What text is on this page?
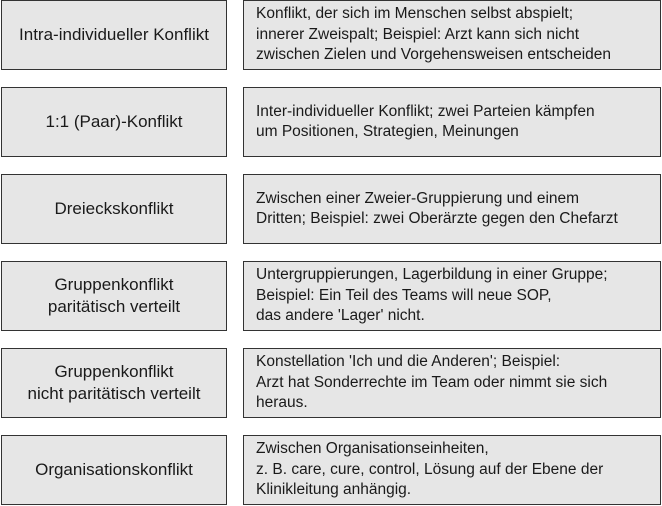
Intra-individueller Konflikt
Konflikt, der sich im Menschen selbst abspielt;
innerer Zweispalt; Beispiel: Arzt kann sich nicht
zwischen Zielen und Vorgehensweisen entscheiden
1:1 (Paar)-Konflikt
Inter-individueller Konflikt; zwei Parteien kämpfen
um Positionen, Strategien, Meinungen
Dreieckskonflikt
Zwischen einer Zweier-Gruppierung und einem
Dritten; Beispiel: zwei Oberärzte gegen den Chefarzt
Gruppenkonflikt
paritätisch verteilt
Untergruppierungen, Lagerbildung in einer Gruppe;
Beispiel: Ein Teil des Teams will neue SOP,
das andere 'Lager' nicht.
Gruppenkonflikt
nicht paritätisch verteilt
Konstellation 'Ich und die Anderen'; Beispiel:
Arzt hat Sonderrechte im Team oder nimmt sie sich
heraus.
Organisationskonflikt
Zwischen Organisationseinheiten,
z. B. care, cure, control, Lösung auf der Ebene der
Klinikleitung anhängig.
